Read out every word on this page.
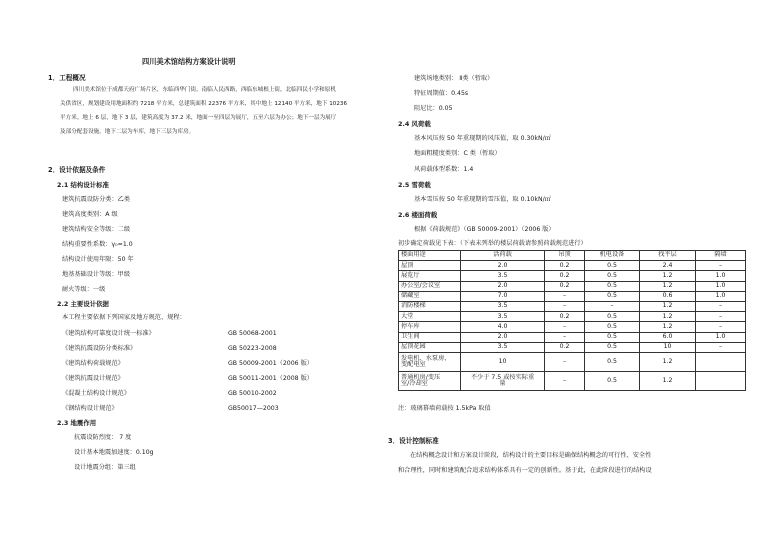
四川美术馆结构方案设计说明
1．工程概况
四川美术馆位于成都天府广场片区，东临西华门街，南临人民西路，西临东城根上街，北临四民小学和原机
关供省区，规划建设用地面积约 7218 平方米，总建筑面积 22376 平方米，其中地上 12140 平方米，地下 10236
平方米。地上 6 层，地下 3 层，建筑高度为 37.2 米，地面一至四层为展厅，五至六层为办公；地下一层为展厅
及部分配套设施，地下二层为车库，地下三层为库房。
2．设计依据及条件
2.1 结构设计标准
建筑抗震设防分类：乙类
建筑高度类别：A 级
建筑结构安全等级：二级
结构重要性系数：γ₀=1.0
结构设计使用年限：50 年
地基基础设计等级：甲级
耐火等级：一级
2.2 主要设计依据
本工程主要依据下列国家及地方规范、规程：
《建筑结构可靠度设计统一标准》	GB 50068-2001
《建筑抗震设防分类标准》	GB 50223-2008
《建筑结构荷载规范》	GB 50009-2001（2006 版）
《建筑抗震设计规范》	GB 50011-2001（2008 版）
《混凝土结构设计规范》	GB 50010-2002
《钢结构设计规范》	GB50017—2003
2.3 地震作用
抗震设防烈度： 7 度
设计基本地震加速度：0.10g
设计地震分组：第三组
建筑场地类别： Ⅱ类（暂取）
特征周期值：0.45s
阻尼比：0.05
2.4 风荷载
基本风压按 50 年重现期的风压值，取 0.30kN/㎡
地面粗糙度类别：C 类（暂取）
风荷载体型系数：1.4
2.5 雪荷载
基本雪压按 50 年重现期的雪压值，取 0.10kN/㎡
2.6 楼面荷载
根据《荷载规范》（GB 50009-2001）（2006 版）
初步确定荷载见下表：（下表未列举的楼层荷载请参照荷载规范进行）
楼面用途	活荷载	吊顶	机电设备	找平层	隔墙
屋顶	2.0	0.2	0.5	2.4	–
展览厅	3.5	0.2	0.5	1.2	1.0
办公室/会议室	2.0	0.2	0.5	1.2	1.0
储藏室	7.0	–	0.5	0.6	1.0
消防楼梯	3.5	–	–	1.2	–
大堂	3.5	0.2	0.5	1.2	–
停车库	4.0	–	0.5	1.2	–
卫生间	2.0	–	0.5	6.0	1.0
屋顶花园	3.5	0.2	0.5	10	–
发电机、水泵房、
变配电室	10	–	0.5	1.2	
普通机房/变压
室/冷却室	不少于 7.5 或按实际重
量	–	0.5	1.2	
注：玻璃幕墙荷载按 1.5kPa 取值
3．设计控制标准
在结构概念设计和方案设计阶段，结构设计的主要目标是确保结构概念的可行性、安全性
和合理性，同时和建筑配合追求结构体系具有一定的创新性。基于此，在此阶段进行的结构设
